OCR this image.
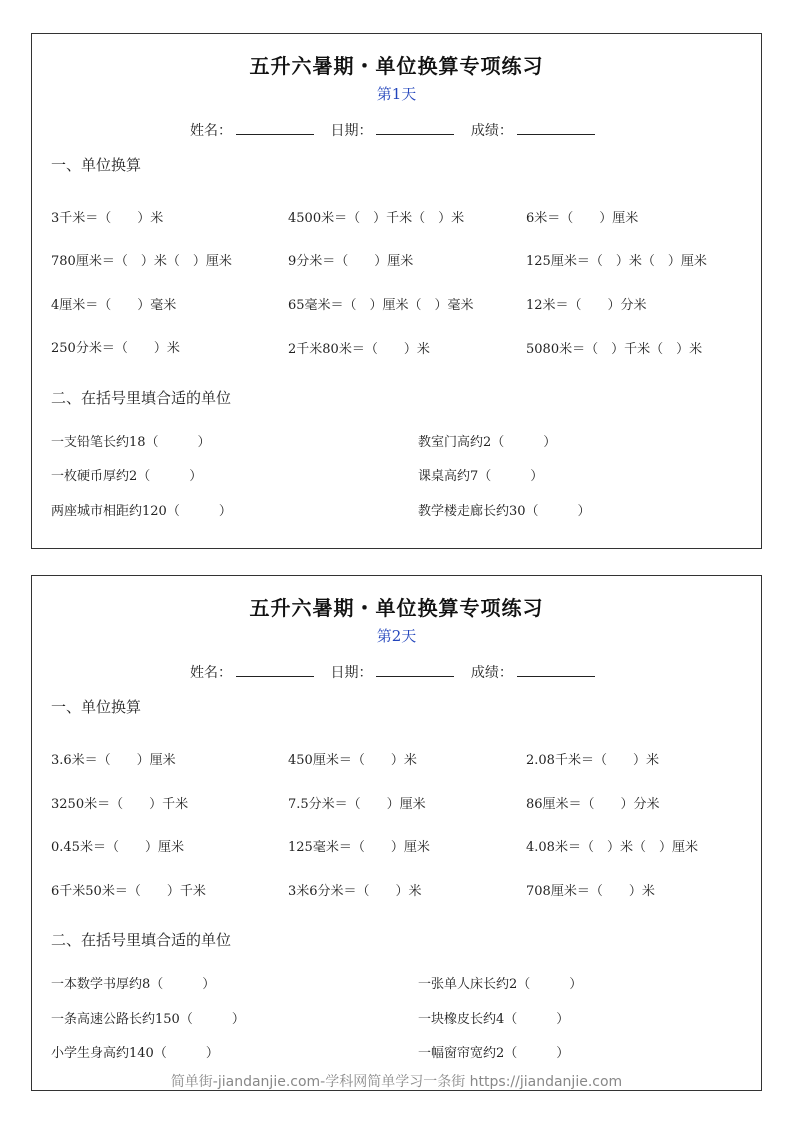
五升六暑期・单位换算专项练习
第1天
姓名：	日期：	成绩：
一、单位换算
3千米＝（　　）米	4500米＝（　）千米（　）米	6米＝（　　）厘米
780厘米＝（　）米（　）厘米	9分米＝（　　）厘米	125厘米＝（　）米（　）厘米
4厘米＝（　　）毫米	65毫米＝（　）厘米（　）毫米	12米＝（　　）分米
250分米＝（　　）米	2千米80米＝（　　）米	5080米＝（　）千米（　）米
二、在括号里填合适的单位
一支铅笔长约18（　　　）	教室门高约2（　　　）
一枚硬币厚约2（　　　）	课桌高约7（　　　）
两座城市相距约120（　　　）	教学楼走廊长约30（　　　）
五升六暑期・单位换算专项练习
第2天
姓名：	日期：	成绩：
一、单位换算
3.6米＝（　　）厘米	450厘米＝（　　）米	2.08千米＝（　　）米
3250米＝（　　）千米	7.5分米＝（　　）厘米	86厘米＝（　　）分米
0.45米＝（　　）厘米	125毫米＝（　　）厘米	4.08米＝（　）米（　）厘米
6千米50米＝（　　）千米	3米6分米＝（　　）米	708厘米＝（　　）米
二、在括号里填合适的单位
一本数学书厚约8（　　　）	一张单人床长约2（　　　）
一条高速公路长约150（　　　）	一块橡皮长约4（　　　）
小学生身高约140（　　　）	一幅窗帘宽约2（　　　）
简单街-jiandanjie.com-学科网简单学习一条街 https://jiandanjie.com
